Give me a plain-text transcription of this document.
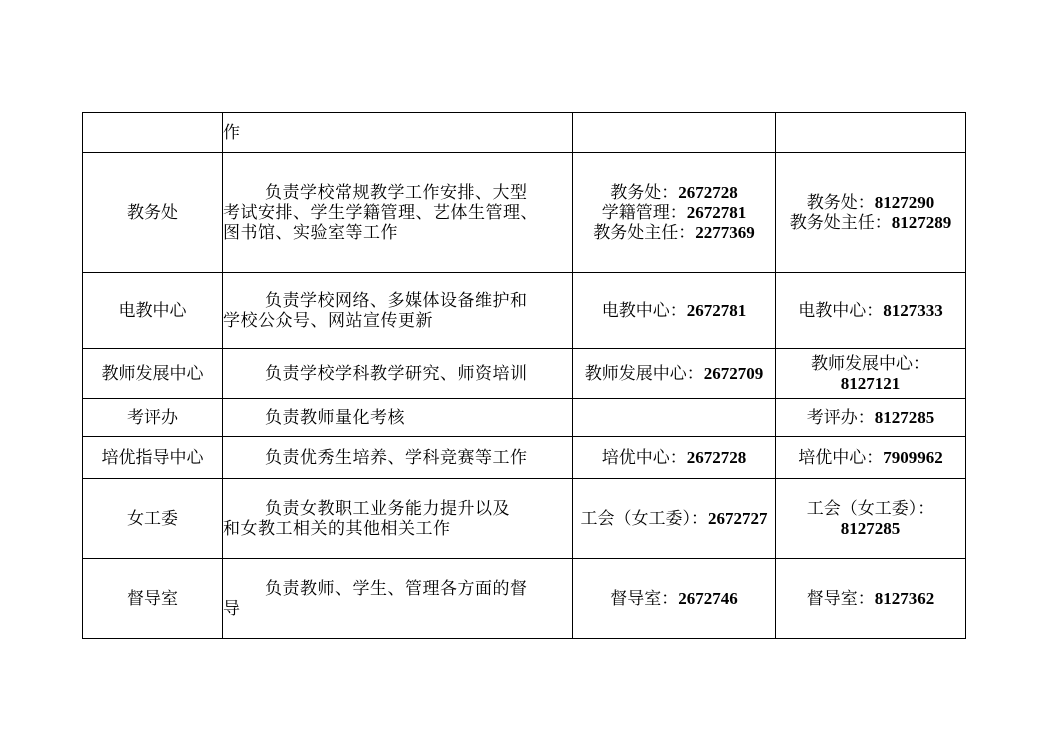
	作		
教务处	负责学校常规教学工作安排、大型
考试安排、学生学籍管理、艺体生管理、
图书馆、实验室等工作	教务处：2672728
学籍管理：2672781
教务处主任：2277369	教务处：8127290
教务处主任：8127289

电教中心	负责学校网络、多媒体设备维护和
学校公众号、网站宣传更新	电教中心：2672781	电教中心：8127333

教师发展中心	负责学校学科教学研究、师资培训	教师发展中心：2672709	教师发展中心：
8127121

考评办	负责教师量化考核		考评办：8127285

培优指导中心	负责优秀生培养、学科竞赛等工作	培优中心：2672728	培优中心：7909962

女工委	负责女教职工业务能力提升以及
和女教工相关的其他相关工作	工会（女工委）：2672727	工会（女工委）：
8127285

督导室	负责教师、学生、管理各方面的督
导	督导室：2672746	督导室：8127362
